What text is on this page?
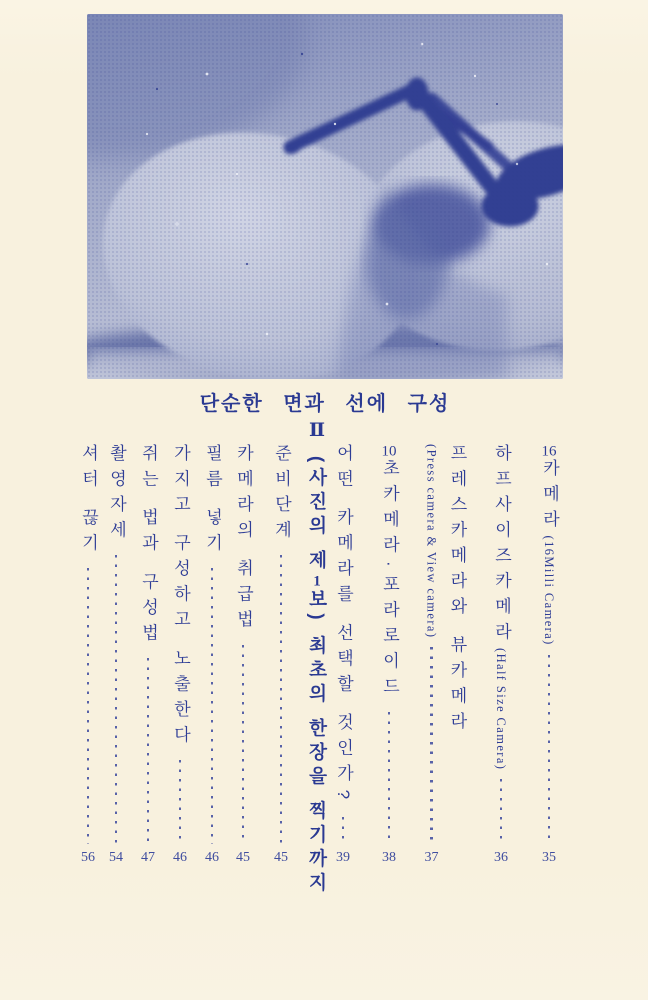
단순한 면과 선에 구성
Ⅱ
(사진의 제1보) 최초의 한장을 찍기까지
16카메라(16Milli Camera)
35
하프사이즈카메라(Half Size Camera)
36
프레스카메라와 뷰카메라
(Press camera & View camera)
37
10초카메라·포라로이드
38
어떤 카메라를 선택할 것인가?
39
준비단계
45
카메라의 취급법
45
필름 넣기
46
가지고 구성하고 노출한다
46
쥐는 법과 구성법
47
촬영자세
54
셔터 끊기
56
